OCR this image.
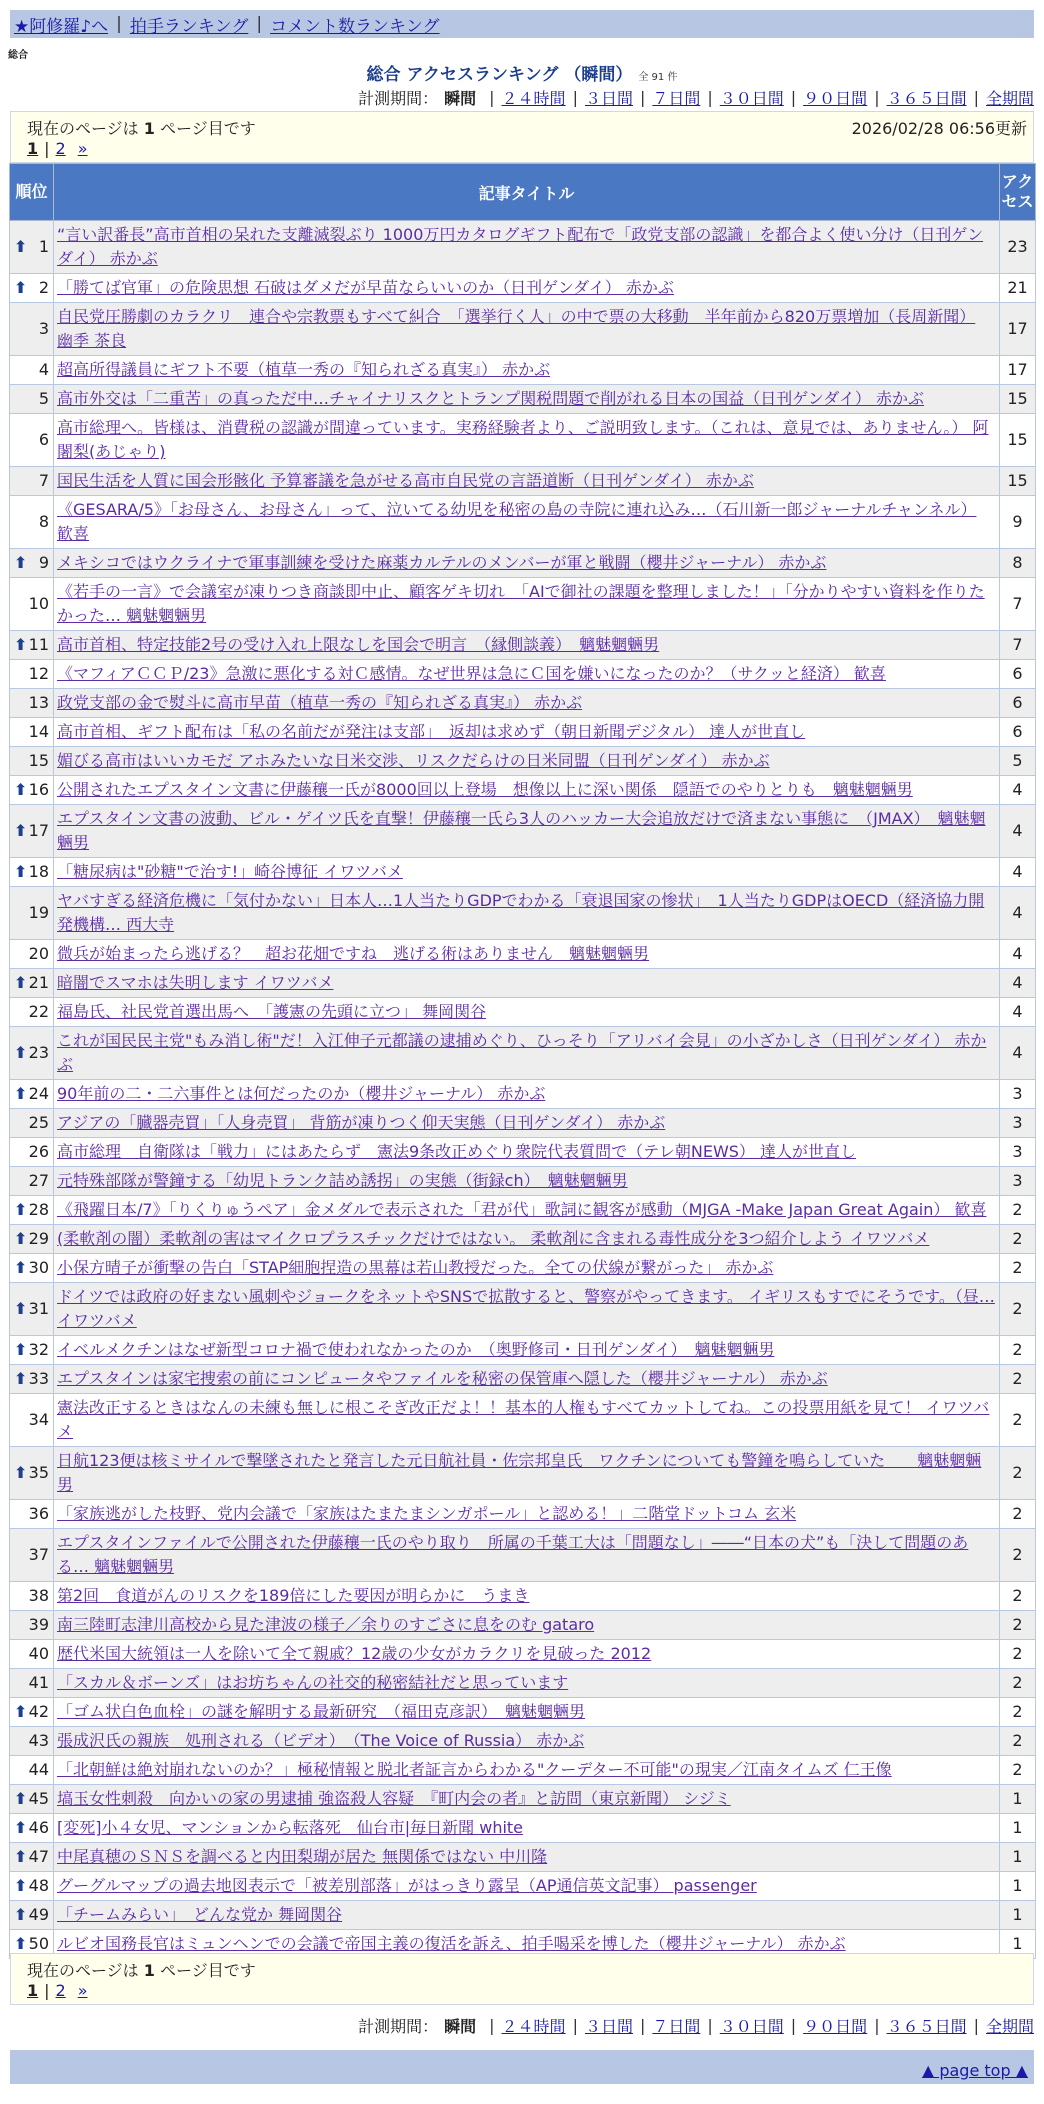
★阿修羅♪へ | 拍手ランキング | コメント数ランキング
総合
総合 アクセスランキング （瞬間） 全 91 件
計測期間： 瞬間 | ２４時間 | ３日間 | ７日間 | ３０日間 | ９０日間 | ３６５日間 | 全期間
現在のページは 1 ページ目です	2026/02/28 06:56更新
1 | 2 »
順位	記事タイトル	アクセス

⬆ 1	“言い訳番長”高市首相の呆れた支離滅裂ぶり 1000万円カタログギフト配布で「政党支部の認識」を都合よく使い分け（日刊ゲンダイ） 赤かぶ	23

⬆ 2	「勝てば官軍」の危険思想 石破はダメだが早苗ならいいのか（日刊ゲンダイ） 赤かぶ	21
3	自民党圧勝劇のカラクリ　連合や宗教票もすべて糾合　「選挙行く人」の中で票の大移動　半年前から820万票増加（長周新聞） 幽季 茶良	17
4	超高所得議員にギフト不要（植草一秀の『知られざる真実』） 赤かぶ	17
5	高市外交は「二重苦」の真っただ中…チャイナリスクとトランプ関税問題で削がれる日本の国益（日刊ゲンダイ） 赤かぶ	15
6	高市総理へ。皆様は、消費税の認識が間違っています。実務経験者より、ご説明致します。（これは、意見では、ありません。） 阿闍梨(あじゃり)	15
7	国民生活を人質に国会形骸化 予算審議を急がせる高市自民党の言語道断（日刊ゲンダイ） 赤かぶ	15
8	《GESARA/5》「お母さん、お母さん」って、泣いてる幼児を秘密の島の寺院に連れ込み…（石川新一郎ジャーナルチャンネル） 歓喜	9

⬆ 9	メキシコではウクライナで軍事訓練を受けた麻薬カルテルのメンバーが軍と戦闘（櫻井ジャーナル） 赤かぶ	8
10	《若手の一言》で会議室が凍りつき商談即中止、顧客ゲキ切れ　「AIで御社の課題を整理しました！」「分かりやすい資料を作りたかった… 魑魅魍魎男	7

⬆ 11	高市首相、特定技能2号の受け入れ上限なしを国会で明言　（縁側談義）　魑魅魍魎男	7
12	《マフィアＣＣＰ/23》急激に悪化する対Ｃ感情。なぜ世界は急にＣ国を嫌いになったのか？（サクッと経済） 歓喜	6
13	政党支部の金で熨斗に高市早苗（植草一秀の『知られざる真実』） 赤かぶ	6
14	高市首相、ギフト配布は「私の名前だが発注は支部」　返却は求めず（朝日新聞デジタル） 達人が世直し	6
15	媚びる高市はいいカモだ アホみたいな日米交渉、リスクだらけの日米同盟（日刊ゲンダイ） 赤かぶ	5

⬆ 16	公開されたエプスタイン文書に伊藤穰一氏が8000回以上登場　想像以上に深い関係　隠語でのやりとりも　魑魅魍魎男	4

⬆ 17	エプスタイン文書の波動、ビル・ゲイツ氏を直撃！伊藤穰一氏ら3人のハッカー大会追放だけで済まない事態に　（JMAX）　魑魅魍魎男	4

⬆ 18	「糖尿病は"砂糖"で治す!」崎谷博征 イワツバメ	4
19	ヤバすぎる経済危機に「気付かない」日本人…1人当たりGDPでわかる「衰退国家の惨状」　1人当たりGDPはOECD（経済協力開発機構… 西大寺	4
20	微兵が始まったら逃げる？　超お花畑ですね　逃げる術はありません　魑魅魍魎男	4

⬆ 21	暗闇でスマホは失明します イワツバメ	4
22	福島氏、社民党首選出馬へ　「護憲の先頭に立つ」 舞岡関谷	4

⬆ 23	これが国民民主党"もみ消し術"だ！入江伸子元都議の逮捕めぐり、ひっそり「アリバイ会見」の小ざかしさ（日刊ゲンダイ） 赤かぶ	4

⬆ 24	90年前の二・二六事件とは何だったのか（櫻井ジャーナル） 赤かぶ	3
25	アジアの「臓器売買」「人身売買」 背筋が凍りつく仰天実態（日刊ゲンダイ） 赤かぶ	3
26	高市総理　自衛隊は「戦力」にはあたらず　憲法9条改正めぐり衆院代表質問で（テレ朝NEWS） 達人が世直し	3
27	元特殊部隊が警鐘する「幼児トランク詰め誘拐」の実態（街録ch）　魑魅魍魎男	3

⬆ 28	《飛躍日本/7》「りくりゅうペア」金メダルで表示された「君が代」歌詞に観客が感動（MJGA -Make Japan Great Again） 歓喜	2

⬆ 29	(柔軟剤の闇）柔軟剤の害はマイクロプラスチックだけではない。 柔軟剤に含まれる毒性成分を3つ紹介しよう イワツバメ	2

⬆ 30	小保方晴子が衝撃の告白「STAP細胞捏造の黒幕は若山教授だった。全ての伏線が繋がった」 赤かぶ	2

⬆ 31	ドイツでは政府の好まない風刺やジョークをネットやSNSで拡散すると、警察がやってきます。 イギリスもすでにそうです。（昼… イワツバメ	2

⬆ 32	イベルメクチンはなぜ新型コロナ禍で使われなかったのか　（奥野修司・日刊ゲンダイ）　魑魅魍魎男	2

⬆ 33	エプスタインは家宅捜索の前にコンピュータやファイルを秘密の保管庫へ隠した（櫻井ジャーナル） 赤かぶ	2
34	憲法改正するときはなんの未練も無しに根こそぎ改正だよ！！基本的人権もすべてカットしてね。この投票用紙を見て！ イワツバメ	2

⬆ 35	日航123便は核ミサイルで撃墜されたと発言した元日航社員・佐宗邦皇氏　ワクチンについても警鐘を鳴らしていた　　魑魅魍魎男	2
36	「家族逃がした枝野、党内会議で「家族はたまたまシンガポール」と認める！」二階堂ドットコム 玄米	2
37	エプスタインファイルで公開された伊藤穰一氏のやり取り　所属の千葉工大は「問題なし」――“日本の犬”も「決して問題のある… 魑魅魍魎男	2
38	第2回　食道がんのリスクを189倍にした要因が明らかに　うまき	2
39	南三陸町志津川高校から見た津波の様子／余りのすごさに息をのむ gataro	2
40	歴代米国大統領は一人を除いて全て親戚？12歳の少女がカラクリを見破った 2012	2
41	「スカル＆ボーンズ」はお坊ちゃんの社交的秘密結社だと思っています	2

⬆ 42	「ゴム状白色血栓」の謎を解明する最新研究　（福田克彦訳）　魑魅魍魎男	2
43	張成沢氏の親族　処刑される（ビデオ）　（The Voice of Russia） 赤かぶ	2
44	「北朝鮮は絶対崩れないのか？」極秘情報と脱北者証言からわかる"クーデター不可能"の現実／江南タイムズ 仁王像	2

⬆ 45	塙玉女性刺殺　向かいの家の男逮捕 強盗殺人容疑　『町内会の者』と訪問（東京新聞） シジミ	1

⬆ 46	[変死]小４女児、マンションから転落死　仙台市|毎日新聞 white	1

⬆ 47	中尾真穂のＳＮＳを調べると内田梨瑚が居た 無関係ではない 中川隆	1

⬆ 48	グーグルマップの過去地図表示で「被差別部落」がはっきり露呈（AP通信英文記事） passenger	1

⬆ 49	「チームみらい」　どんな党か 舞岡関谷	1

⬆ 50	ルビオ国務長官はミュンヘンでの会議で帝国主義の復活を訴え、拍手喝采を博した（櫻井ジャーナル） 赤かぶ	1
現在のページは 1 ページ目です
1 | 2 »
計測期間： 瞬間 | ２４時間 | ３日間 | ７日間 | ３０日間 | ９０日間 | ３６５日間 | 全期間
▲ page top ▲
